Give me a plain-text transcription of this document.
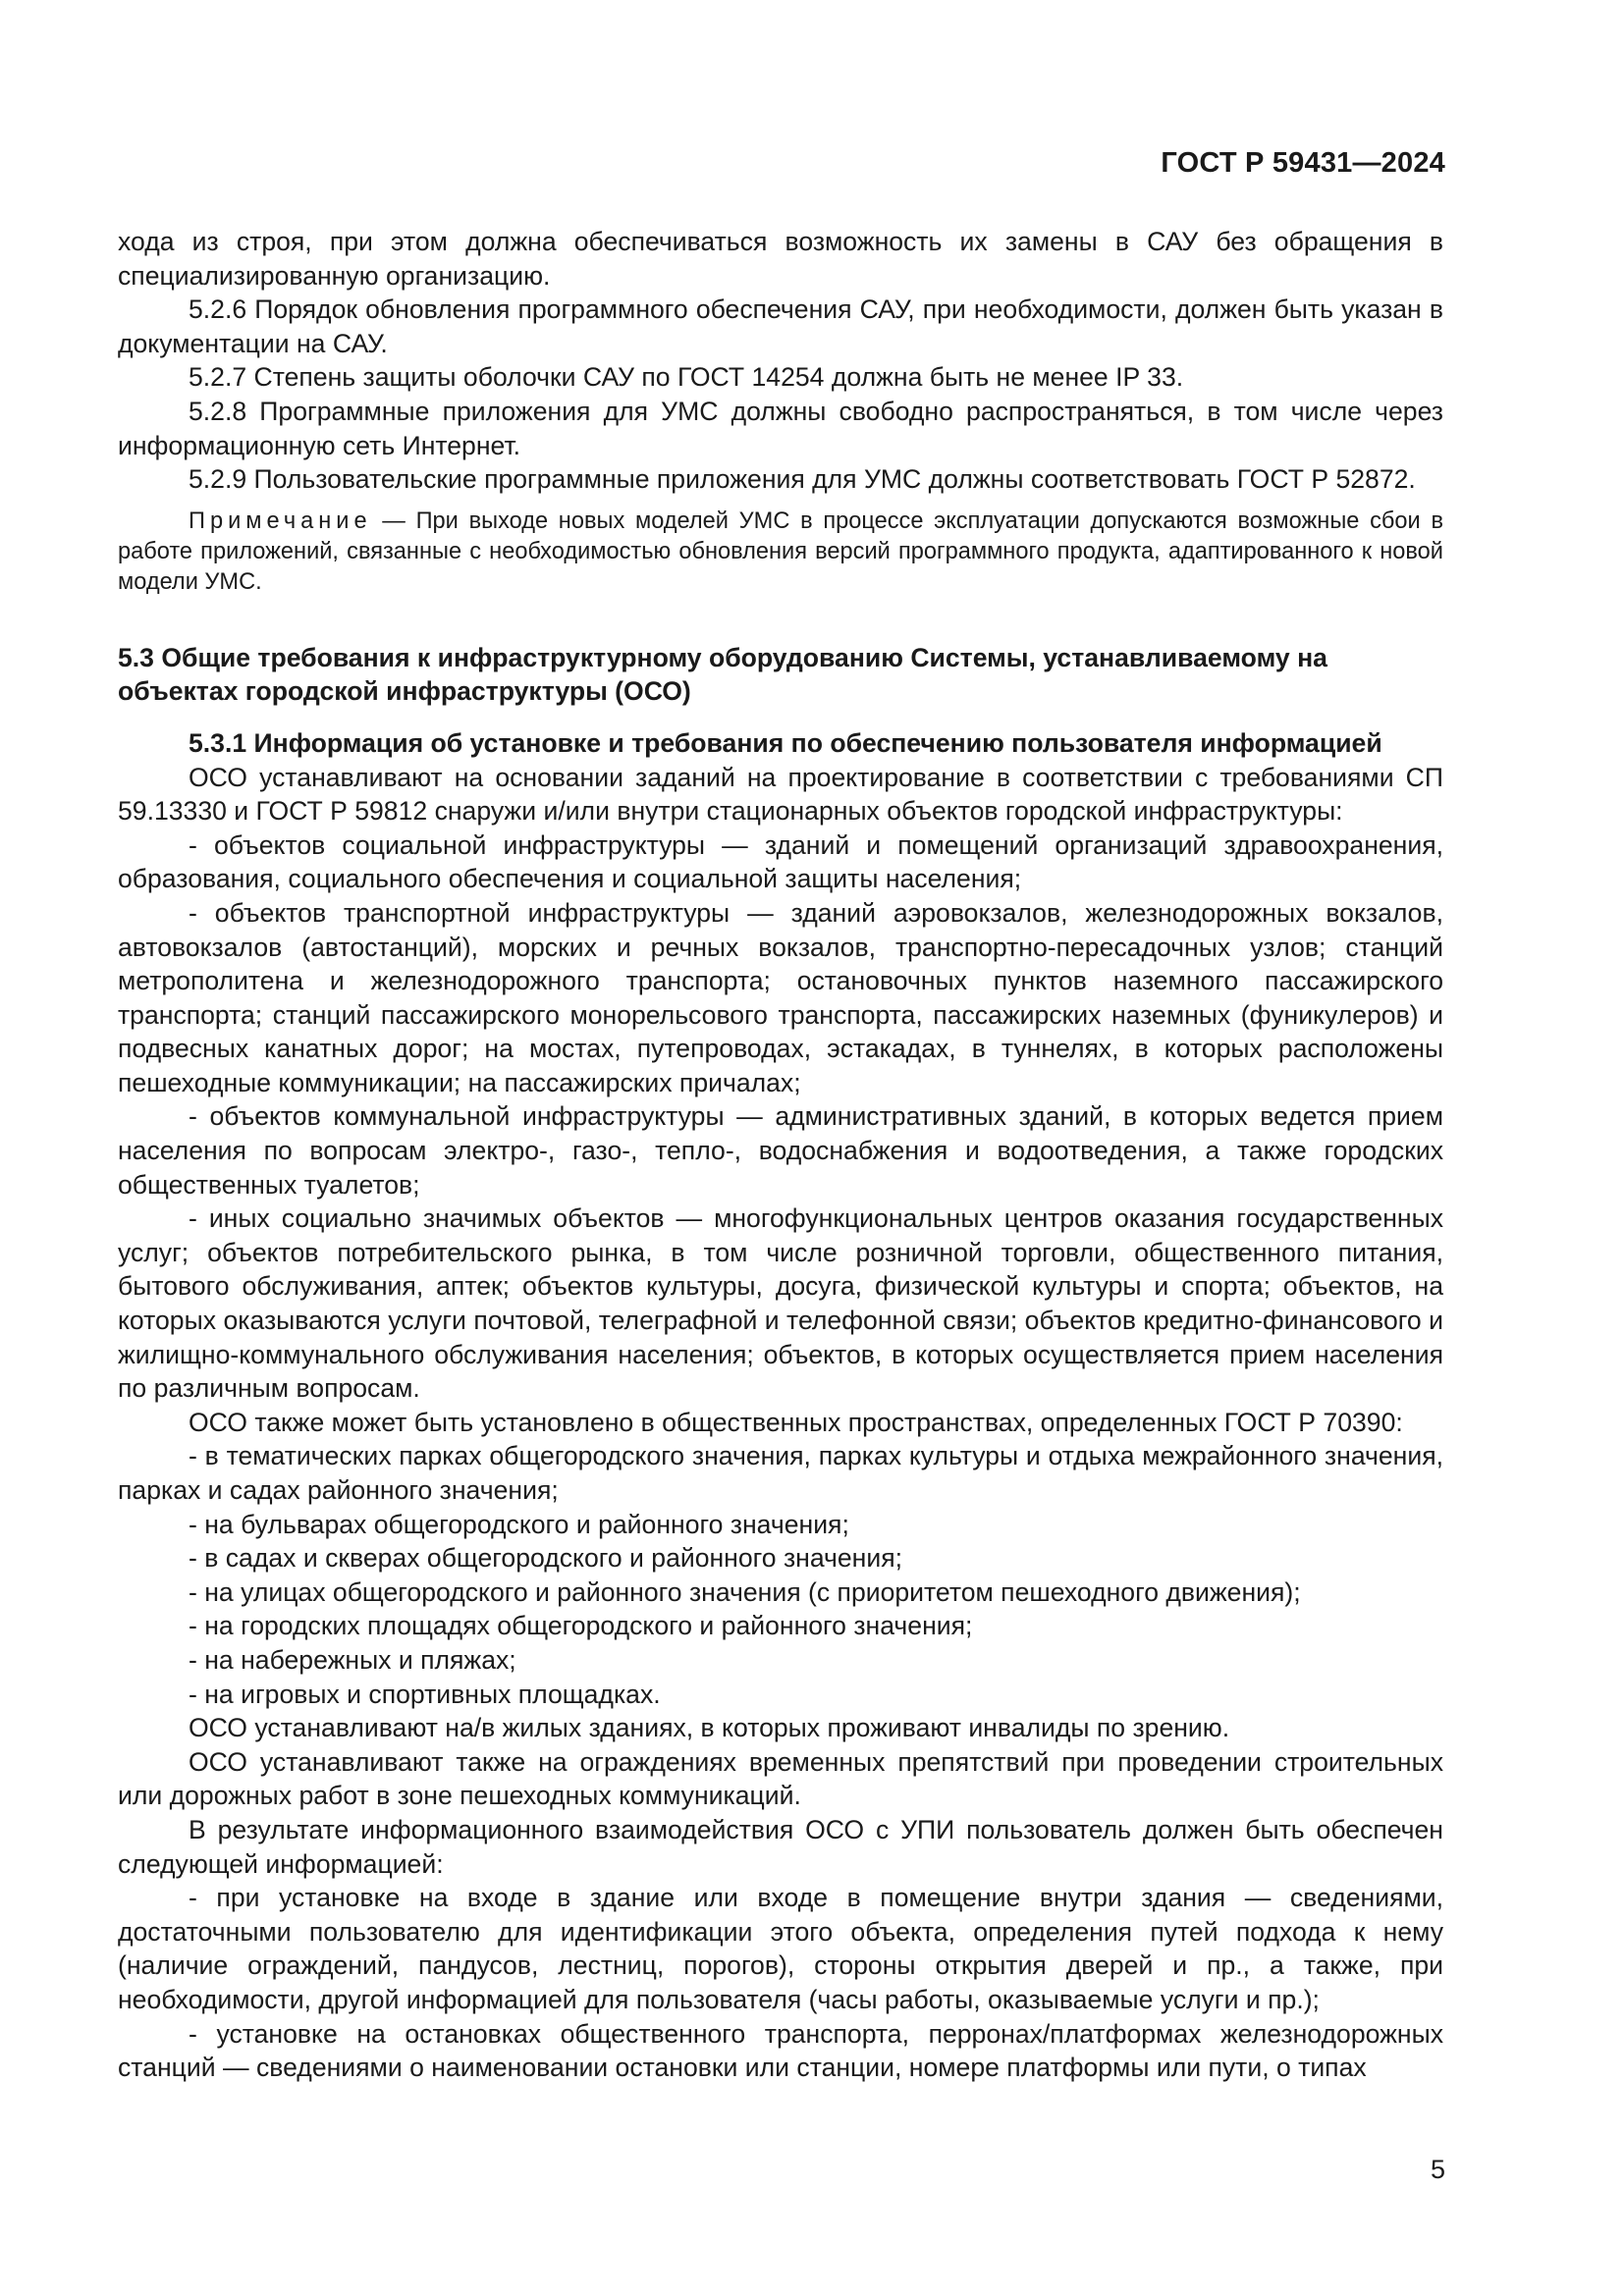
ГОСТ Р 59431—2024

хода из строя, при этом должна обеспечиваться возможность их замены в САУ без обращения в специализированную организацию.

5.2.6 Порядок обновления программного обеспечения САУ, при необходимости, должен быть указан в документации на САУ.

5.2.7 Степень защиты оболочки САУ по ГОСТ 14254 должна быть не менее IP 33.

5.2.8 Программные приложения для УМС должны свободно распространяться, в том числе через информационную сеть Интернет.

5.2.9 Пользовательские программные приложения для УМС должны соответствовать ГОСТ Р 52872.

Примечание — При выходе новых моделей УМС в процессе эксплуатации допускаются возможные сбои в работе приложений, связанные с необходимостью обновления версий программного продукта, адаптированного к новой модели УМС.

5.3 Общие требования к инфраструктурному оборудованию Системы, устанавливаемому на объектах городской инфраструктуры (ОСО)

5.3.1 Информация об установке и требования по обеспечению пользователя информацией

ОСО устанавливают на основании заданий на проектирование в соответствии с требованиями СП 59.13330 и ГОСТ Р 59812 снаружи и/или внутри стационарных объектов городской инфраструктуры:

- объектов социальной инфраструктуры — зданий и помещений организаций здравоохранения, образования, социального обеспечения и социальной защиты населения;

- объектов транспортной инфраструктуры — зданий аэровокзалов, железнодорожных вокзалов, автовокзалов (автостанций), морских и речных вокзалов, транспортно-пересадочных узлов; станций метрополитена и железнодорожного транспорта; остановочных пунктов наземного пассажирского транспорта; станций пассажирского монорельсового транспорта, пассажирских наземных (фуникулеров) и подвесных канатных дорог; на мостах, путепроводах, эстакадах, в туннелях, в которых расположены пешеходные коммуникации; на пассажирских причалах;

- объектов коммунальной инфраструктуры — административных зданий, в которых ведется прием населения по вопросам электро-, газо-, тепло-, водоснабжения и водоотведения, а также городских общественных туалетов;

- иных социально значимых объектов — многофункциональных центров оказания государственных услуг; объектов потребительского рынка, в том числе розничной торговли, общественного питания, бытового обслуживания, аптек; объектов культуры, досуга, физической культуры и спорта; объектов, на которых оказываются услуги почтовой, телеграфной и телефонной связи; объектов кредитно-финансового и жилищно-коммунального обслуживания населения; объектов, в которых осуществляется прием населения по различным вопросам.

ОСО также может быть установлено в общественных пространствах, определенных ГОСТ Р 70390:

- в тематических парках общегородского значения, парках культуры и отдыха межрайонного значения, парках и садах районного значения;

- на бульварах общегородского и районного значения;

- в садах и скверах общегородского и районного значения;

- на улицах общегородского и районного значения (с приоритетом пешеходного движения);

- на городских площадях общегородского и районного значения;

- на набережных и пляжах;

- на игровых и спортивных площадках.

ОСО устанавливают на/в жилых зданиях, в которых проживают инвалиды по зрению.

ОСО устанавливают также на ограждениях временных препятствий при проведении строительных или дорожных работ в зоне пешеходных коммуникаций.

В результате информационного взаимодействия ОСО с УПИ пользователь должен быть обеспечен следующей информацией:

- при установке на входе в здание или входе в помещение внутри здания — сведениями, достаточными пользователю для идентификации этого объекта, определения путей подхода к нему (наличие ограждений, пандусов, лестниц, порогов), стороны открытия дверей и пр., а также, при необходимости, другой информацией для пользователя (часы работы, оказываемые услуги и пр.);

- установке на остановках общественного транспорта, перронах/платформах железнодорожных станций — сведениями о наименовании остановки или станции, номере платформы или пути, о типах

5
